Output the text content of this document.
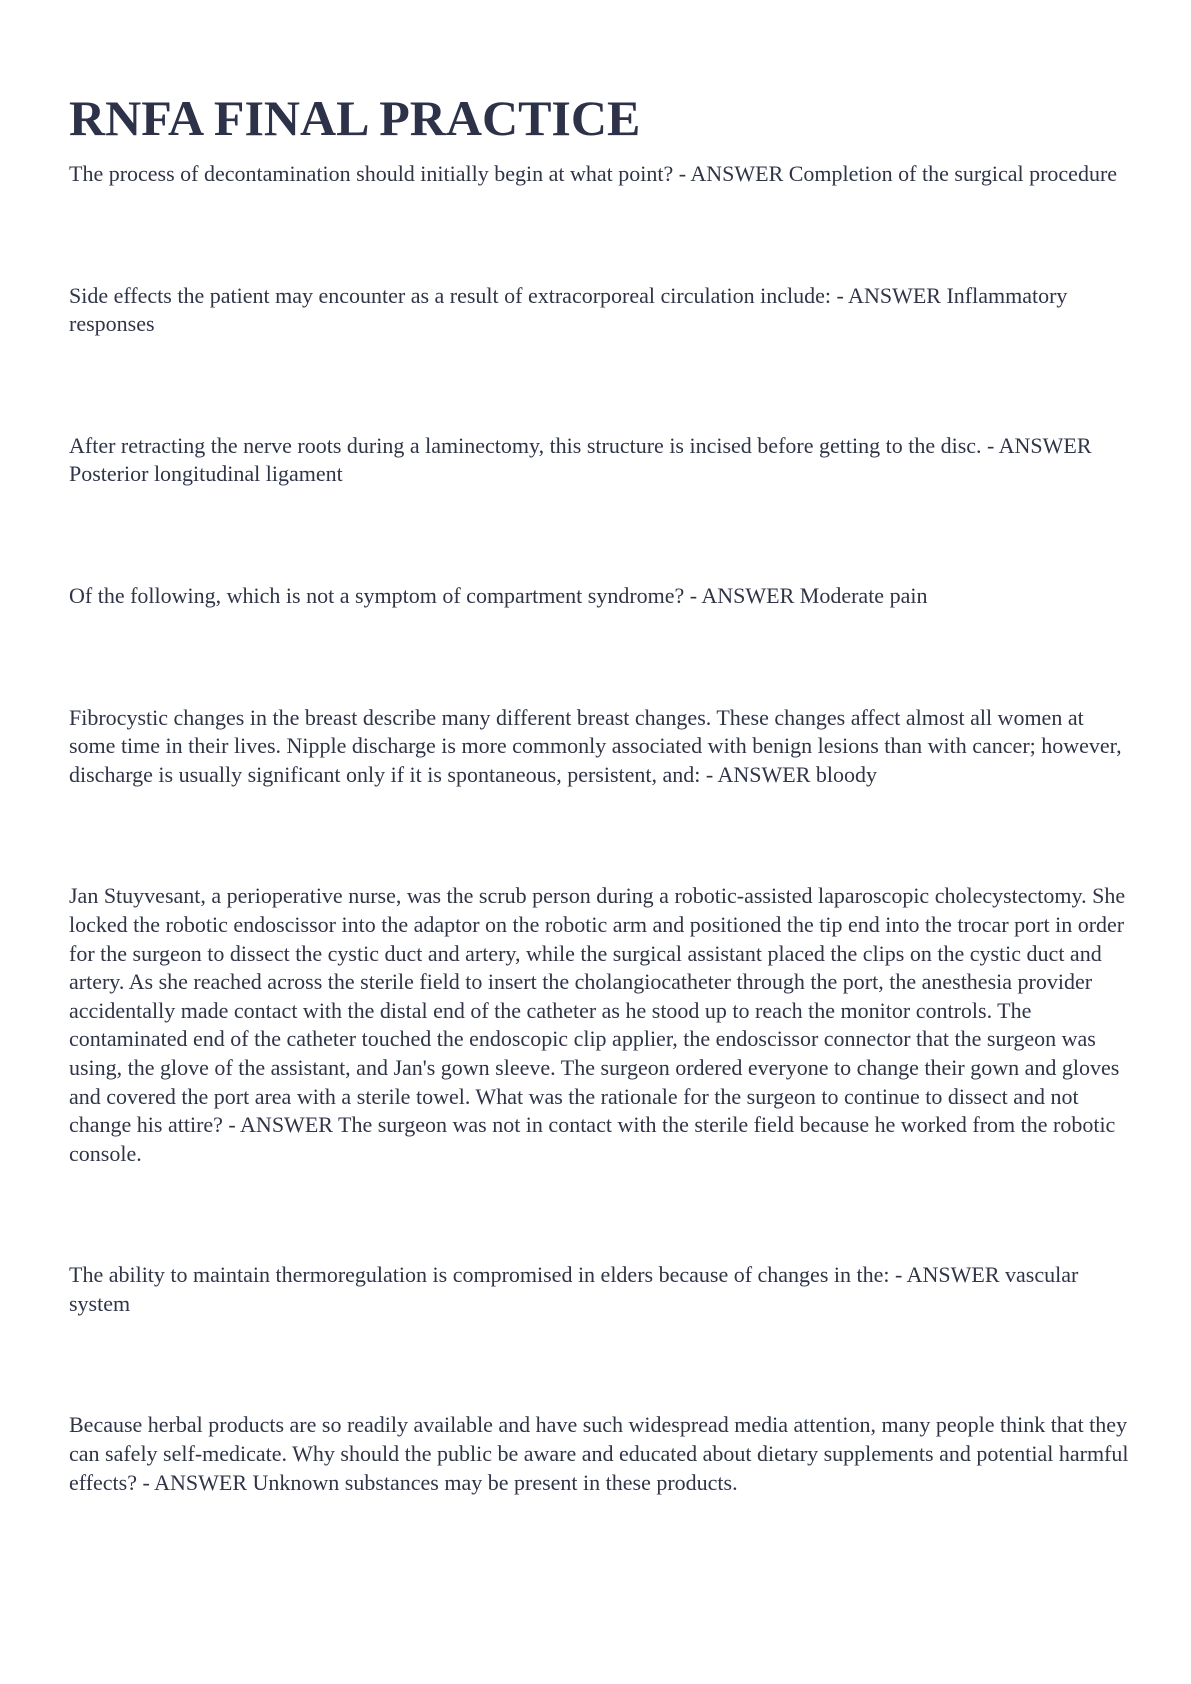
RNFA FINAL PRACTICE

The process of decontamination should initially begin at what point? - ANSWER Completion of the surgical procedure

Side effects the patient may encounter as a result of extracorporeal circulation include: - ANSWER Inflammatory responses

After retracting the nerve roots during a laminectomy, this structure is incised before getting to the disc. - ANSWER Posterior longitudinal ligament

Of the following, which is not a symptom of compartment syndrome? - ANSWER Moderate pain

Fibrocystic changes in the breast describe many different breast changes. These changes affect almost all women at some time in their lives. Nipple discharge is more commonly associated with benign lesions than with cancer; however, discharge is usually significant only if it is spontaneous, persistent, and: - ANSWER bloody

Jan Stuyvesant, a perioperative nurse, was the scrub person during a robotic-assisted laparoscopic cholecystectomy. She locked the robotic endoscissor into the adaptor on the robotic arm and positioned the tip end into the trocar port in order for the surgeon to dissect the cystic duct and artery, while the surgical assistant placed the clips on the cystic duct and artery. As she reached across the sterile field to insert the cholangiocatheter through the port, the anesthesia provider accidentally made contact with the distal end of the catheter as he stood up to reach the monitor controls. The contaminated end of the catheter touched the endoscopic clip applier, the endoscissor connector that the surgeon was using, the glove of the assistant, and Jan's gown sleeve. The surgeon ordered everyone to change their gown and gloves and covered the port area with a sterile towel. What was the rationale for the surgeon to continue to dissect and not change his attire? - ANSWER The surgeon was not in contact with the sterile field because he worked from the robotic console.

The ability to maintain thermoregulation is compromised in elders because of changes in the: - ANSWER vascular system

Because herbal products are so readily available and have such widespread media attention, many people think that they can safely self-medicate. Why should the public be aware and educated about dietary supplements and potential harmful effects? - ANSWER Unknown substances may be present in these products.
